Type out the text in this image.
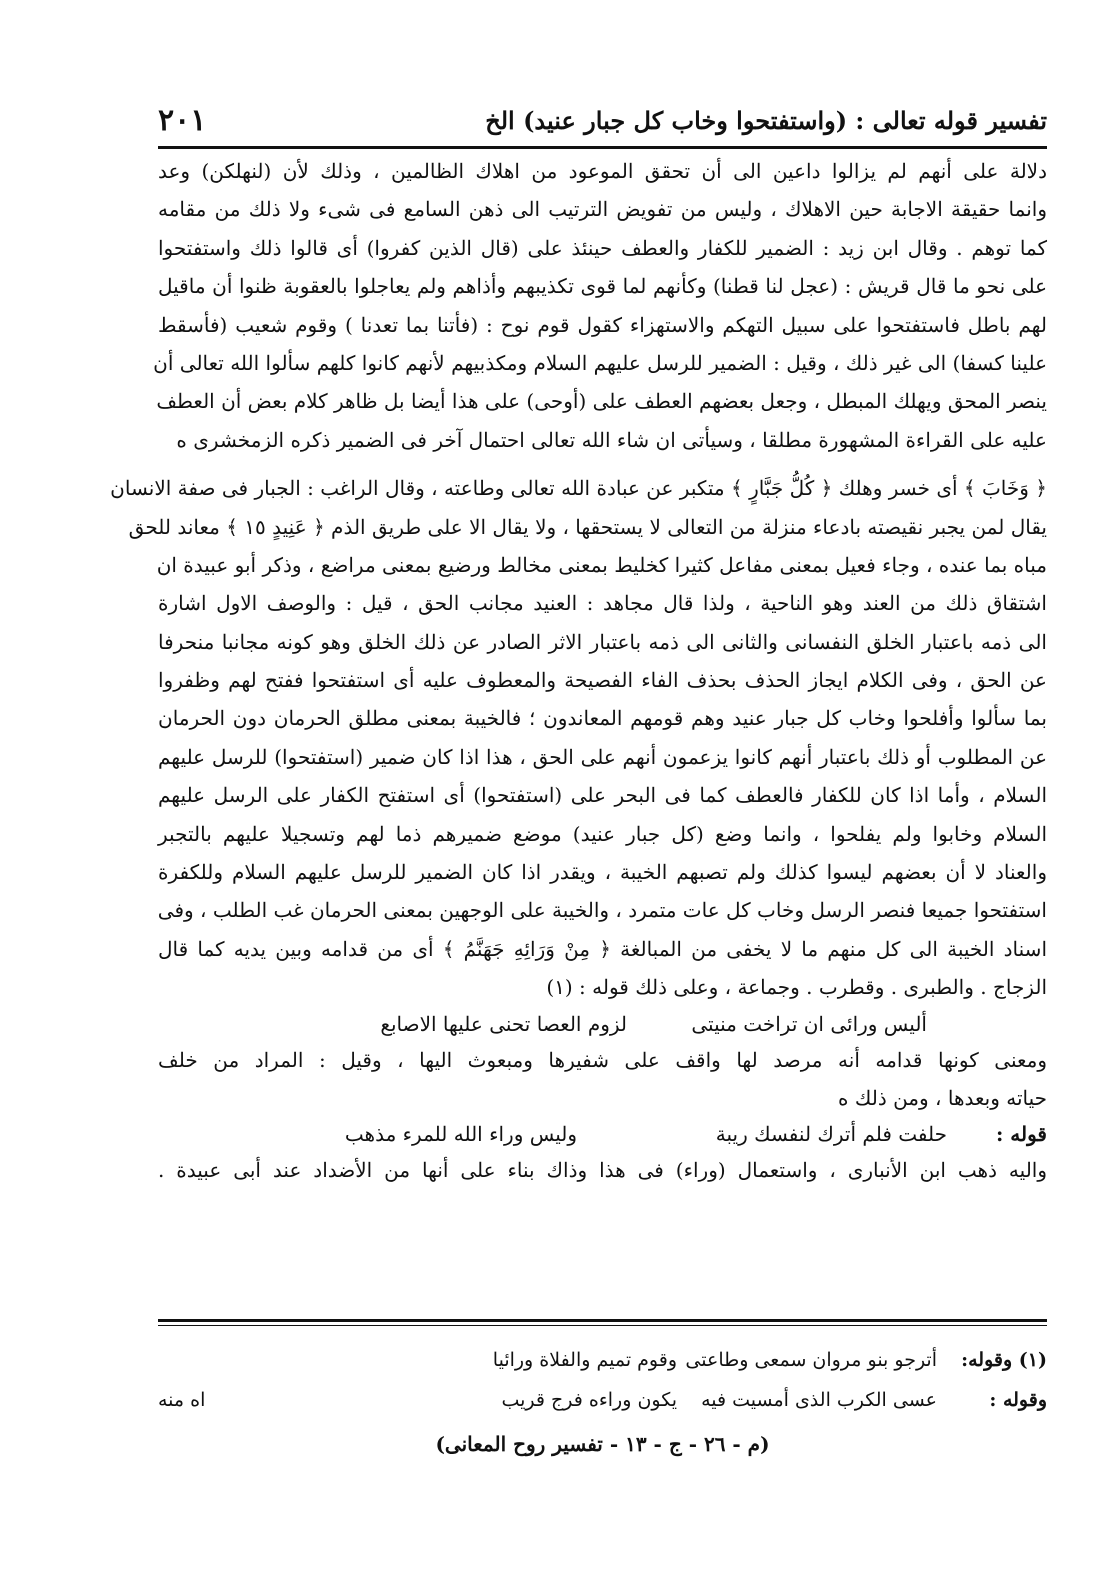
تفسير قوله تعالى : (واستفتحوا وخاب كل جبار عنيد) الخ
٢٠١
دلالة على أنهم لم يزالوا داعين الى أن تحقق الموعود من اهلاك الظالمين ، وذلك لأن (لنهلكن) وعد
وانما حقيقة الاجابة حين الاهلاك ، وليس من تفويض الترتيب الى ذهن السامع فى شىء ولا ذلك من مقامه
كما توهم . وقال ابن زيد : الضمير للكفار والعطف حينئذ على (قال الذين كفروا) أى قالوا ذلك واستفتحوا
على نحو ما قال قريش : (عجل لنا قطنا) وكأنهم لما قوى تكذيبهم وأذاهم ولم يعاجلوا بالعقوبة ظنوا أن ماقيل
لهم باطل فاستفتحوا على سبيل التهكم والاستهزاء كقول قوم نوح : (فأتنا بما تعدنا ) وقوم شعيب (فأسقط
علينا كسفا) الى غير ذلك ، وقيل : الضمير للرسل عليهم السلام ومكذبيهم لأنهم كانوا كلهم سألوا الله تعالى أن
ينصر المحق ويهلك المبطل ، وجعل بعضهم العطف على (أوحى) على هذا أيضا بل ظاهر كلام بعض أن العطف
عليه على القراءة المشهورة مطلقا ، وسيأتى ان شاء الله تعالى احتمال آخر فى الضمير ذكره الزمخشرى ه
﴿ وَخَابَ ﴾ أى خسر وهلك ﴿ كُلُّ جَبَّارٍ ﴾ متكبر عن عبادة الله تعالى وطاعته ، وقال الراغب : الجبار فى صفة الانسان
يقال لمن يجبر نقيصته بادعاء منزلة من التعالى لا يستحقها ، ولا يقال الا على طريق الذم ﴿ عَنِيدٍ ١٥ ﴾ معاند للحق
مباه بما عنده ، وجاء فعيل بمعنى مفاعل كثيرا كخليط بمعنى مخالط ورضيع بمعنى مراضع ، وذكر أبو عبيدة ان
اشتقاق ذلك من العند وهو الناحية ، ولذا قال مجاهد : العنيد مجانب الحق ، قيل : والوصف الاول اشارة
الى ذمه باعتبار الخلق النفسانى والثانى الى ذمه باعتبار الاثر الصادر عن ذلك الخلق وهو كونه مجانبا منحرفا
عن الحق ، وفى الكلام ايجاز الحذف بحذف الفاء الفصيحة والمعطوف عليه أى استفتحوا ففتح لهم وظفروا
بما سألوا وأفلحوا وخاب كل جبار عنيد وهم قومهم المعاندون ؛ فالخيبة بمعنى مطلق الحرمان دون الحرمان
عن المطلوب أو ذلك باعتبار أنهم كانوا يزعمون أنهم على الحق ، هذا اذا كان ضمير (استفتحوا) للرسل عليهم
السلام ، وأما اذا كان للكفار فالعطف كما فى البحر على (استفتحوا) أى استفتح الكفار على الرسل عليهم
السلام وخابوا ولم يفلحوا ، وانما وضع (كل جبار عنيد) موضع ضميرهم ذما لهم وتسجيلا عليهم بالتجبر
والعناد لا أن بعضهم ليسوا كذلك ولم تصبهم الخيبة ، ويقدر اذا كان الضمير للرسل عليهم السلام وللكفرة
استفتحوا جميعا فنصر الرسل وخاب كل عات متمرد ، والخيبة على الوجهين بمعنى الحرمان غب الطلب ، وفى
اسناد الخيبة الى كل منهم ما لا يخفى من المبالغة ﴿ مِنْ وَرَائِهِ جَهَنَّمُ ﴾ أى من قدامه وبين يديه كما قال
الزجاج . والطبرى . وقطرب . وجماعة ، وعلى ذلك قوله : (١)
أليس ورائى ان تراخت منيتى
لزوم العصا تحنى عليها الاصابع
ومعنى كونها قدامه أنه مرصد لها واقف على شفيرها ومبعوث اليها ، وقيل : المراد من خلف
حياته وبعدها ، ومن ذلك ه
قوله :
حلفت فلم أترك لنفسك ريبة
وليس وراء الله للمرء مذهب
واليه ذهب ابن الأنبارى ، واستعمال (وراء) فى هذا وذاك بناء على أنها من الأضداد عند أبى عبيدة .
(١) وقوله:
أترجو بنو مروان سمعى وطاعتى
وقوم تميم والفلاة ورائيا
وقوله :
عسى الكرب الذى أمسيت فيه
يكون وراءه فرج قريب
اه منه
(م - ٢٦ - ج - ١٣ - تفسير روح المعانى)
